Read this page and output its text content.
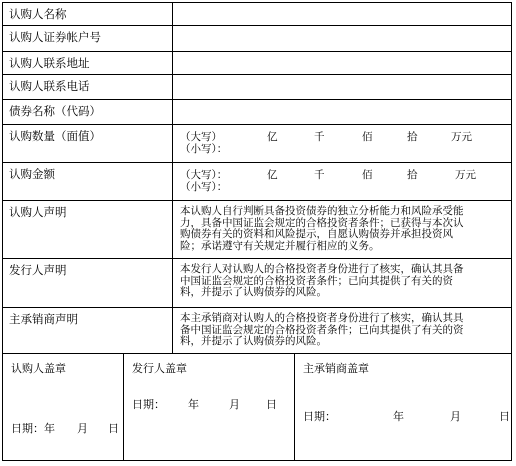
认购人名称
认购人证券帐户号
认购人联系地址
认购人联系电话
债券名称（代码）
认购数量（面值）	（大写）	亿	千	佰	拾	万元
（小写）：
认购金额	（大写）：	亿	千	佰	拾	万元
（小写）：
认购人声明	本认购人自行判断具备投资债券的独立分析能力和风险承受能
力，具备中国证监会规定的合格投资者条件；已获得与本次认
购债券有关的资料和风险提示，自愿认购债券并承担投资风
险；承诺遵守有关规定并履行相应的义务。
发行人声明	本发行人对认购人的合格投资者身份进行了核实，确认其具备
中国证监会规定的合格投资者条件；已向其提供了有关的资
料，并提示了认购债券的风险。
主承销商声明	本主承销商对认购人的合格投资者身份进行了核实，确认其具
备中国证监会规定的合格投资者条件；已向其提供了有关的资
料，并提示了认购债券的风险。
认购人盖章
日期：年 月 日
发行人盖章
日期： 年	月 日
主承销商盖章
日期：	年	月	日
